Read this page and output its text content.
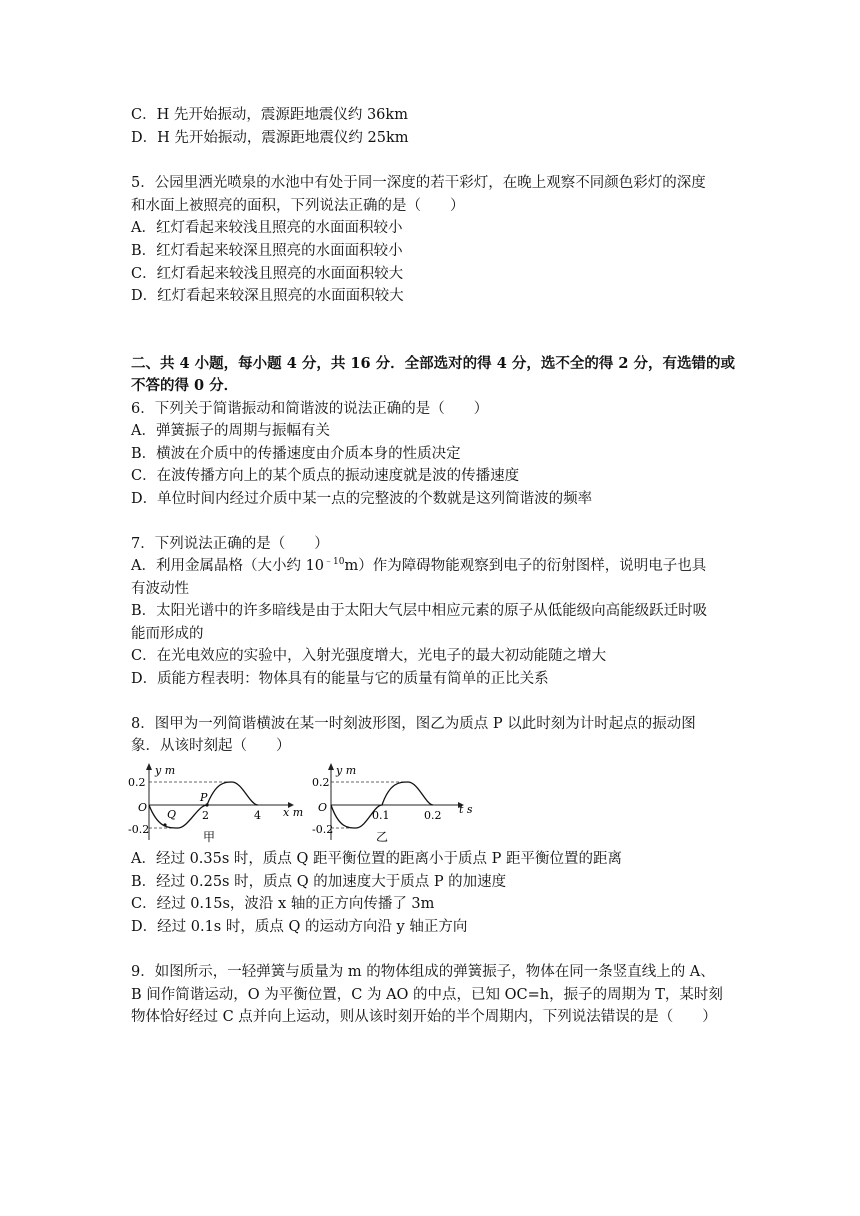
C．H 先开始振动，震源距地震仪约 36km
D．H 先开始振动，震源距地震仪约 25km
5．公园里洒光喷泉的水池中有处于同一深度的若干彩灯，在晚上观察不同颜色彩灯的深度
和水面上被照亮的面积，下列说法正确的是（　　）
A．红灯看起来较浅且照亮的水面面积较小
B．红灯看起来较深且照亮的水面面积较小
C．红灯看起来较浅且照亮的水面面积较大
D．红灯看起来较深且照亮的水面面积较大
二、共 4 小题，每小题 4 分，共 16 分．全部选对的得 4 分，选不全的得 2 分，有选错的或
不答的得 0 分．
6．下列关于简谐振动和简谐波的说法正确的是（　　）
A．弹簧振子的周期与振幅有关
B．横波在介质中的传播速度由介质本身的性质决定
C．在波传播方向上的某个质点的振动速度就是波的传播速度
D．单位时间内经过介质中某一点的完整波的个数就是这列简谐波的频率
7．下列说法正确的是（　　）
A．利用金属晶格（大小约 $10^{﹣10}m$）作为障碍物能观察到电子的衍射图样，说明电子也具
有波动性
B．太阳光谱中的许多暗线是由于太阳大气层中相应元素的原子从低能级向高能级跃迁时吸
能而形成的
C．在光电效应的实验中，入射光强度增大，光电子的最大初动能随之增大
D．质能方程表明：物体具有的能量与它的质量有简单的正比关系
8．图甲为一列简谐横波在某一时刻波形图，图乙为质点 P 以此时刻为计时起点的振动图
象．从该时刻起（　　）
y m
x m
0.2
-0.2
O
P
Q 2	4
甲
y m
t s
0.2
-0.2
O
0.1	0.2
乙
A．经过 0.35s 时，质点 Q 距平衡位置的距离小于质点 P 距平衡位置的距离
B．经过 0.25s 时，质点 Q 的加速度大于质点 P 的加速度
C．经过 0.15s，波沿 x 轴的正方向传播了 3m
D．经过 0.1s 时，质点 Q 的运动方向沿 y 轴正方向
9．如图所示，一轻弹簧与质量为 m 的物体组成的弹簧振子，物体在同一条竖直线上的 A、
B 间作简谐运动，O 为平衡位置，C 为 AO 的中点，已知 OC=h，振子的周期为 T，某时刻
物体恰好经过 C 点并向上运动，则从该时刻开始的半个周期内，下列说法错误的是（　　）
